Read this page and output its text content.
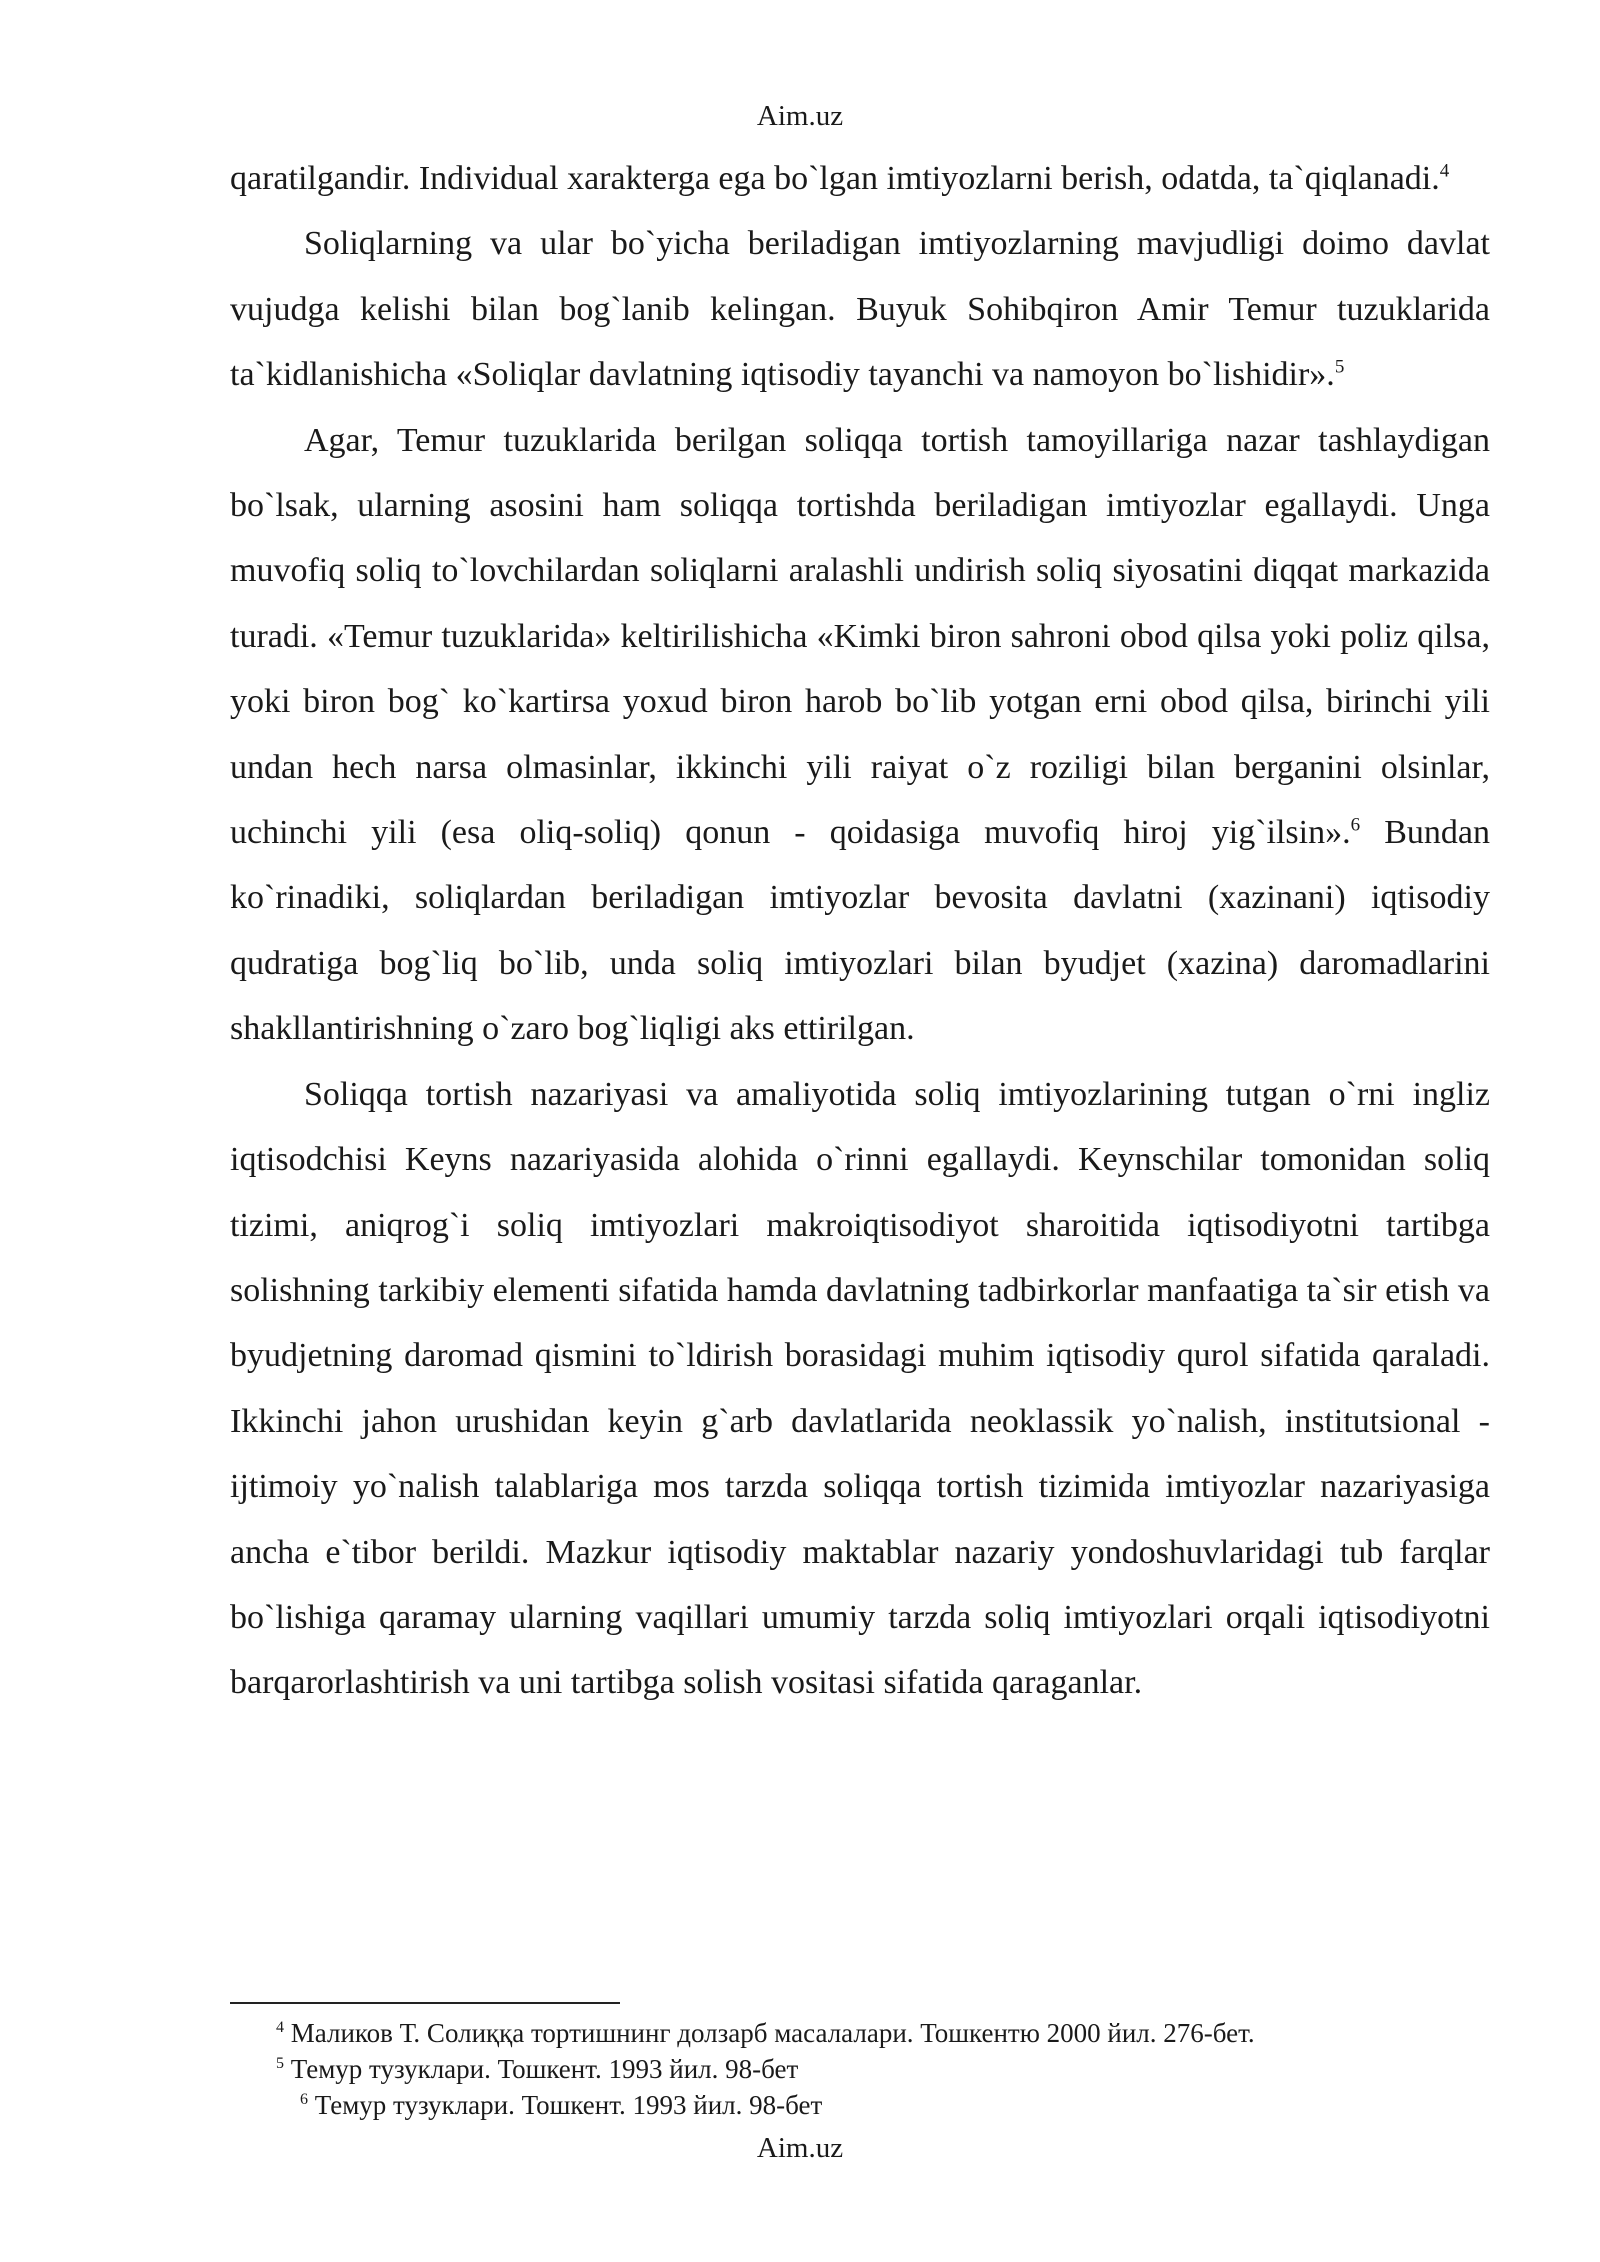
Aim.uz

qaratilgandir. Individual xarakterga ega bo`lgan imtiyozlarni berish, odatda, ta`qiqlanadi.$^4$

Soliqlarning va ular bo`yicha beriladigan imtiyozlarning mavjudligi doimo davlat vujudga kelishi bilan bog`lanib kelingan. Buyuk Sohibqiron Amir Temur tuzuklarida ta`kidlanishicha «Soliqlar davlatning iqtisodiy tayanchi va namoyon bo`lishidir».$^5$

Agar, Temur tuzuklarida berilgan soliqqa tortish tamoyillariga nazar tashlaydigan bo`lsak, ularning asosini ham soliqqa tortishda beriladigan imtiyozlar egallaydi. Unga muvofiq soliq to`lovchilardan soliqlarni aralashli undirish soliq siyosatini diqqat markazida turadi. «Temur tuzuklarida» keltirilishicha «Kimki biron sahroni obod qilsa yoki poliz qilsa, yoki biron bog` ko`kartirsa yoxud biron harob bo`lib yotgan erni obod qilsa, birinchi yili undan hech narsa olmasinlar, ikkinchi yili raiyat o`z roziligi bilan berganini olsinlar, uchinchi yili (esa oliq-soliq) qonun - qoidasiga muvofiq hiroj yig`ilsin».$^6$ Bundan ko`rinadiki, soliqlardan beriladigan imtiyozlar bevosita davlatni (xazinani) iqtisodiy qudratiga bog`liq bo`lib, unda soliq imtiyozlari bilan byudjet (xazina) daromadlarini shakllantirishning o`zaro bog`liqligi aks ettirilgan.

Soliqqa tortish nazariyasi va amaliyotida soliq imtiyozlarining tutgan o`rni ingliz iqtisodchisi Keyns nazariyasida alohida o`rinni egallaydi. Keynschilar tomonidan soliq tizimi, aniqrog`i soliq imtiyozlari makroiqtisodiyot sharoitida iqtisodiyotni tartibga solishning tarkibiy elementi sifatida hamda davlatning tadbirkorlar manfaatiga ta`sir etish va byudjetning daromad qismini to`ldirish borasidagi muhim iqtisodiy qurol sifatida qaraladi. Ikkinchi jahon urushidan keyin g`arb davlatlarida neoklassik yo`nalish, institutsional - ijtimoiy yo`nalish talablariga mos tarzda soliqqa tortish tizimida imtiyozlar nazariyasiga ancha e`tibor berildi. Mazkur iqtisodiy maktablar nazariy yondoshuvlaridagi tub farqlar bo`lishiga qaramay ularning vaqillari umumiy tarzda soliq imtiyozlari orqali iqtisodiyotni barqarorlashtirish va uni tartibga solish vositasi sifatida qaraganlar.

$^4$ Маликов Т. Солиққа тортишнинг долзарб масалалари. Тошкентю 2000 йил. 276-бет.
$^5$ Темур тузуклари. Тошкент. 1993 йил. 98-бет
$^6$ Темур тузуклари. Тошкент. 1993 йил. 98-бет
Aim.uz
